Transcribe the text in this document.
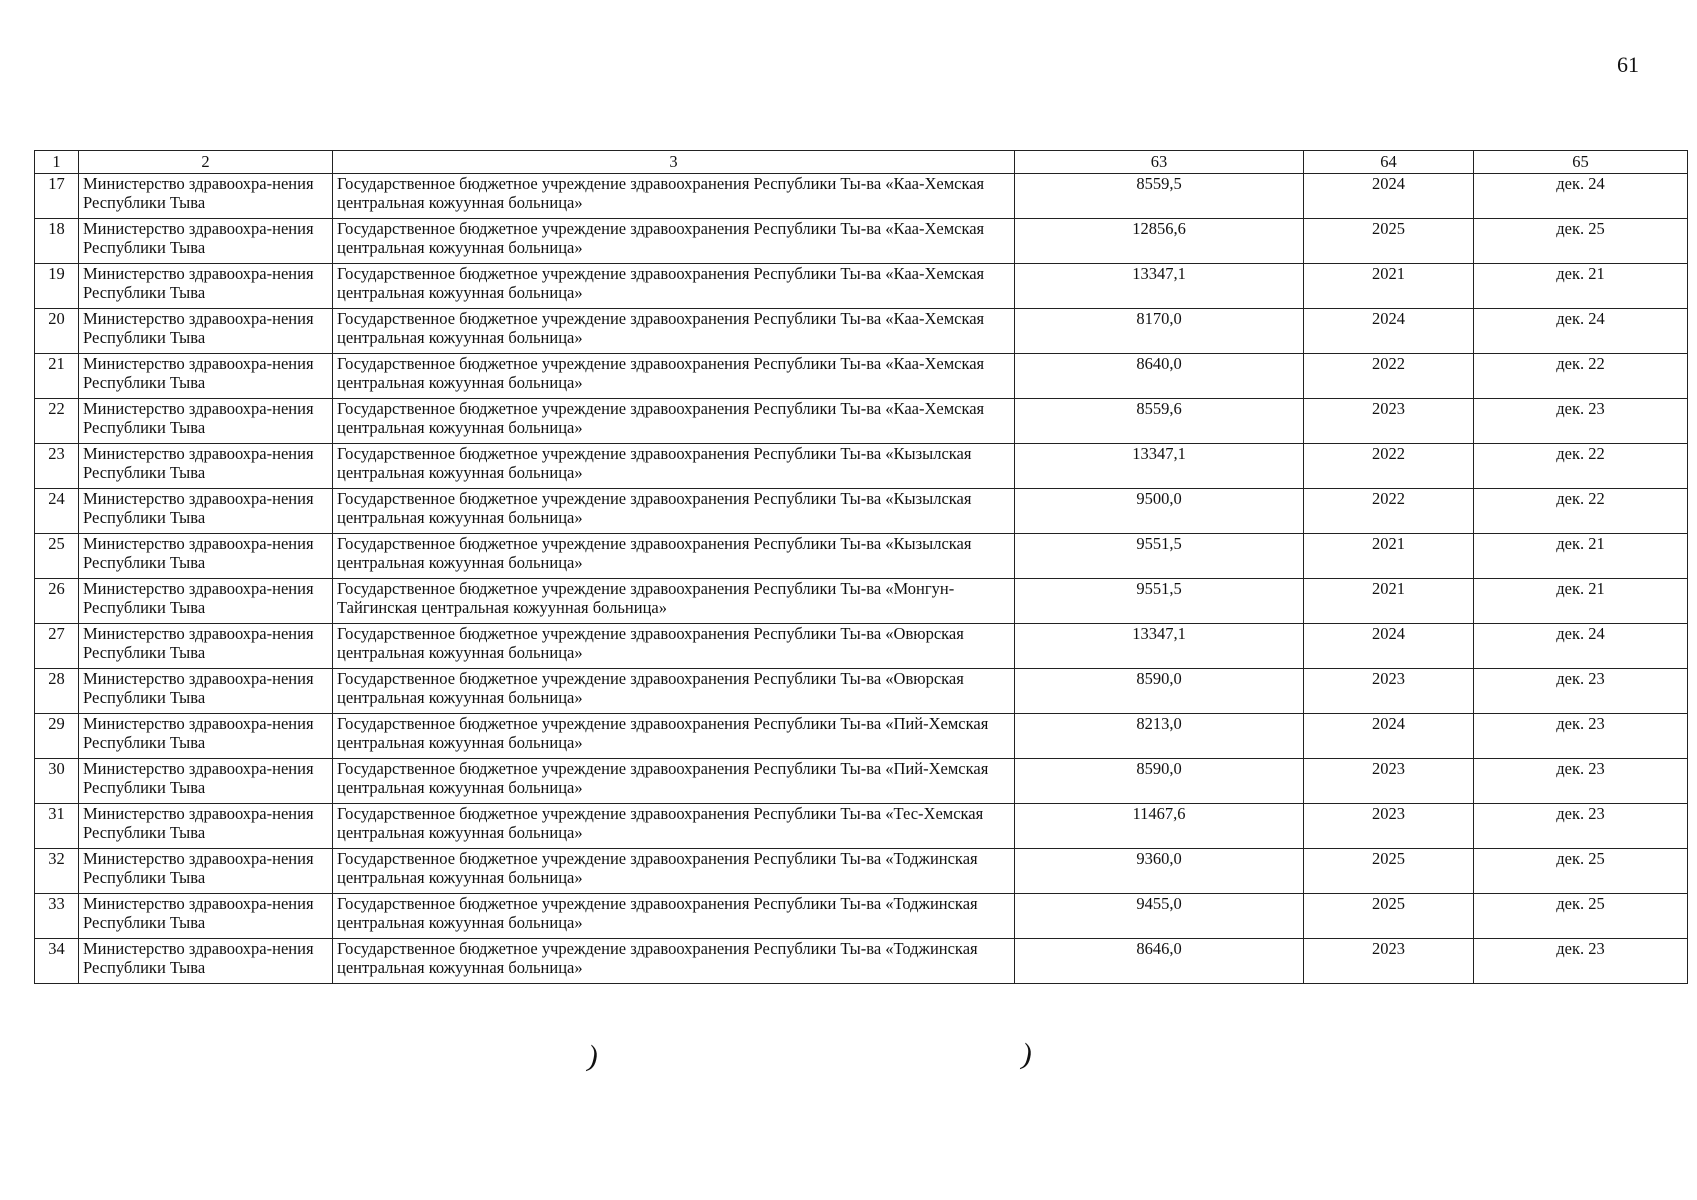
61
1	2	3	63	64	65
17	Министерство здравоохра-нения Республики Тыва	Государственное бюджетное учреждение здравоохранения Республики Ты-ва «Каа-Хемская центральная кожуунная больница»	8559,5	2024	дек. 24
18	Министерство здравоохра-нения Республики Тыва	Государственное бюджетное учреждение здравоохранения Республики Ты-ва «Каа-Хемская центральная кожуунная больница»	12856,6	2025	дек. 25
19	Министерство здравоохра-нения Республики Тыва	Государственное бюджетное учреждение здравоохранения Республики Ты-ва «Каа-Хемская центральная кожуунная больница»	13347,1	2021	дек. 21
20	Министерство здравоохра-нения Республики Тыва	Государственное бюджетное учреждение здравоохранения Республики Ты-ва «Каа-Хемская центральная кожуунная больница»	8170,0	2024	дек. 24
21	Министерство здравоохра-нения Республики Тыва	Государственное бюджетное учреждение здравоохранения Республики Ты-ва «Каа-Хемская центральная кожуунная больница»	8640,0	2022	дек. 22
22	Министерство здравоохра-нения Республики Тыва	Государственное бюджетное учреждение здравоохранения Республики Ты-ва «Каа-Хемская центральная кожуунная больница»	8559,6	2023	дек. 23
23	Министерство здравоохра-нения Республики Тыва	Государственное бюджетное учреждение здравоохранения Республики Ты-ва «Кызылская центральная кожуунная больница»	13347,1	2022	дек. 22
24	Министерство здравоохра-нения Республики Тыва	Государственное бюджетное учреждение здравоохранения Республики Ты-ва «Кызылская центральная кожуунная больница»	9500,0	2022	дек. 22
25	Министерство здравоохра-нения Республики Тыва	Государственное бюджетное учреждение здравоохранения Республики Ты-ва «Кызылская центральная кожуунная больница»	9551,5	2021	дек. 21
26	Министерство здравоохра-нения Республики Тыва	Государственное бюджетное учреждение здравоохранения Республики Ты-ва «Монгун-Тайгинская центральная кожуунная больница»	9551,5	2021	дек. 21
27	Министерство здравоохра-нения Республики Тыва	Государственное бюджетное учреждение здравоохранения Республики Ты-ва «Овюрская центральная кожуунная больница»	13347,1	2024	дек. 24
28	Министерство здравоохра-нения Республики Тыва	Государственное бюджетное учреждение здравоохранения Республики Ты-ва «Овюрская центральная кожуунная больница»	8590,0	2023	дек. 23
29	Министерство здравоохра-нения Республики Тыва	Государственное бюджетное учреждение здравоохранения Республики Ты-ва «Пий-Хемская центральная кожуунная больница»	8213,0	2024	дек. 23
30	Министерство здравоохра-нения Республики Тыва	Государственное бюджетное учреждение здравоохранения Республики Ты-ва «Пий-Хемская центральная кожуунная больница»	8590,0	2023	дек. 23
31	Министерство здравоохра-нения Республики Тыва	Государственное бюджетное учреждение здравоохранения Республики Ты-ва «Тес-Хемская центральная кожуунная больница»	11467,6	2023	дек. 23
32	Министерство здравоохра-нения Республики Тыва	Государственное бюджетное учреждение здравоохранения Республики Ты-ва «Тоджинская центральная кожуунная больница»	9360,0	2025	дек. 25
33	Министерство здравоохра-нения Республики Тыва	Государственное бюджетное учреждение здравоохранения Республики Ты-ва «Тоджинская центральная кожуунная больница»	9455,0	2025	дек. 25
34	Министерство здравоохра-нения Республики Тыва	Государственное бюджетное учреждение здравоохранения Республики Ты-ва «Тоджинская центральная кожуунная больница»	8646,0	2023	дек. 23
)	)
